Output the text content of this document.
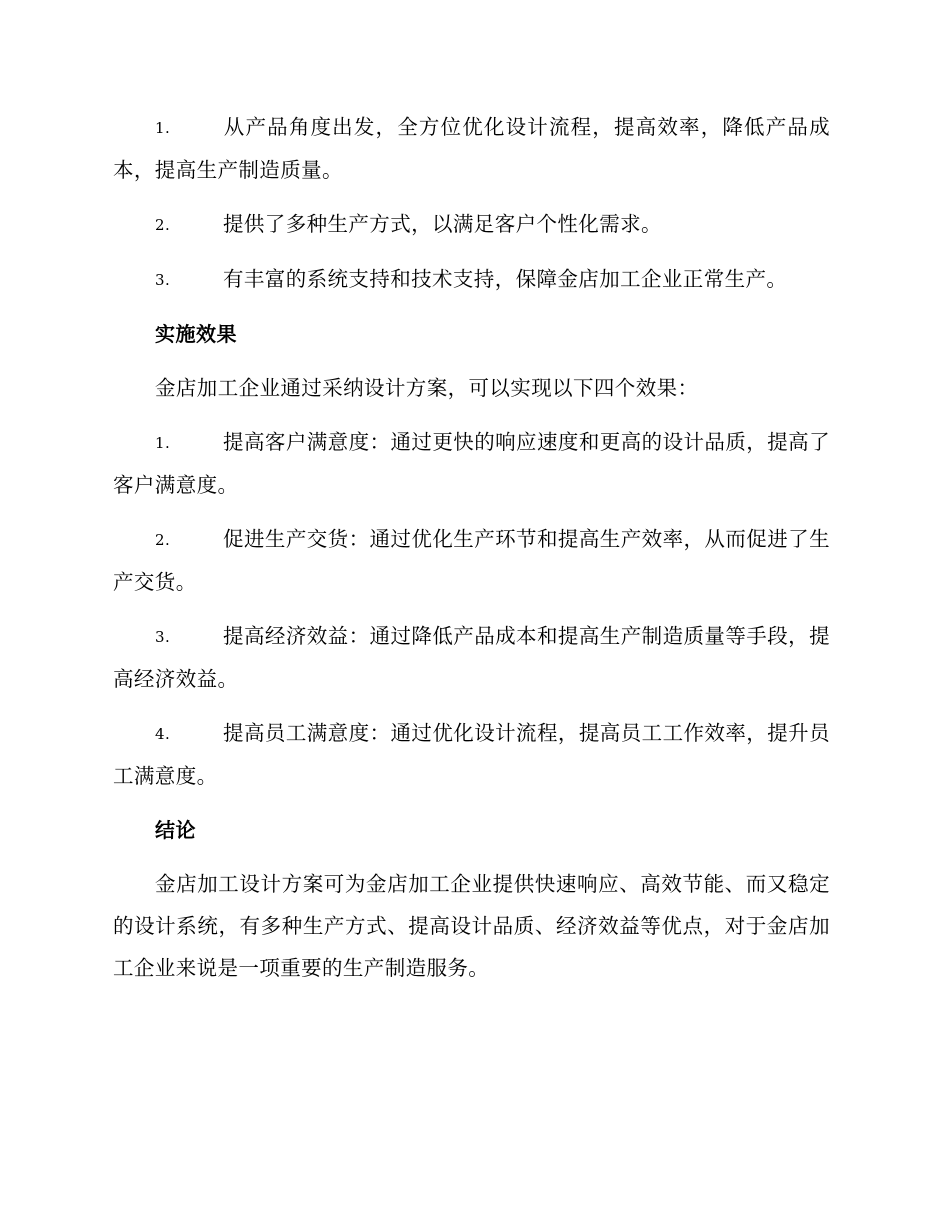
1.	从产品角度出发，全方位优化设计流程，提高效率，降低产品成本，提高生产制造质量。

2.	提供了多种生产方式，以满足客户个性化需求。

3.	有丰富的系统支持和技术支持，保障金店加工企业正常生产。

实施效果

金店加工企业通过采纳设计方案，可以实现以下四个效果：

1.	提高客户满意度：通过更快的响应速度和更高的设计品质，提高了客户满意度。

2.	促进生产交货：通过优化生产环节和提高生产效率，从而促进了生产交货。

3.	提高经济效益：通过降低产品成本和提高生产制造质量等手段，提高经济效益。

4.	提高员工满意度：通过优化设计流程，提高员工工作效率，提升员工满意度。

结论

金店加工设计方案可为金店加工企业提供快速响应、高效节能、而又稳定的设计系统，有多种生产方式、提高设计品质、经济效益等优点，对于金店加工企业来说是一项重要的生产制造服务。
